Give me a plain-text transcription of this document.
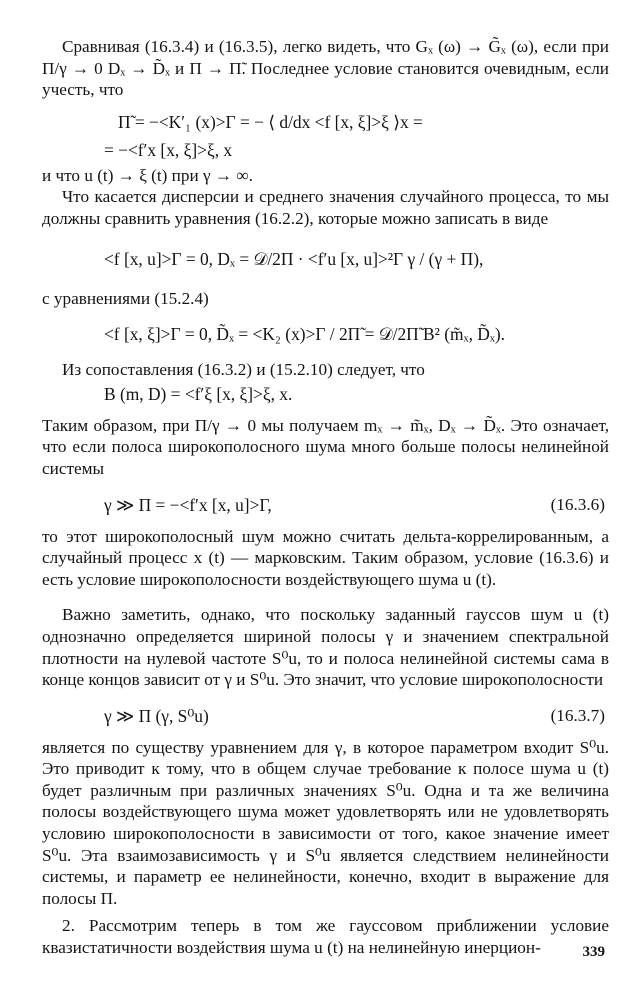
Сравнивая (16.3.4) и (16.3.5), легко видеть, что Gₓ (ω) → G̃ₓ (ω), если при Π/γ → 0 Dₓ → D̃ₓ и Π → Π̃. Последнее условие становится очевидным, если учесть, что

Π̃ = −<K′₁ (x)>Γ = − ⟨ d/dx <f [x, ξ]>ξ ⟩x =
= −<f′x [x, ξ]>ξ, x

и что u (t) → ξ (t) при γ → ∞.

Что касается дисперсии и среднего значения случайного процесса, то мы должны сравнить уравнения (16.2.2), которые можно записать в виде

<f [x, u]>Γ = 0, Dₓ = 𝒟/2Π · <f′u [x, u]>²Γ γ / (γ + Π),

с уравнениями (15.2.4)

<f [x, ξ]>Γ = 0, D̃ₓ = <K₂ (x)>Γ / 2Π̃ = 𝒟/2Π̃ B² (m̃ₓ, D̃ₓ).

Из сопоставления (16.3.2) и (15.2.10) следует, что

B (m, D) = <f′ξ [x, ξ]>ξ, x.

Таким образом, при Π/γ → 0 мы получаем mₓ → m̃ₓ, Dₓ → D̃ₓ. Это означает, что если полоса широкополосного шума много больше полосы нелинейной системы

γ ≫ Π = −<f′x [x, u]>Γ,	(16.3.6)

то этот широкополосный шум можно считать дельта-коррелированным, а случайный процесс x (t) — марковским. Таким образом, условие (16.3.6) и есть условие широкополосности воздействующего шума u (t).

Важно заметить, однако, что поскольку заданный гауссов шум u (t) однозначно определяется шириной полосы γ и значением спектральной плотности на нулевой частоте S⁰u, то и полоса нелинейной системы сама в конце концов зависит от γ и S⁰u. Это значит, что условие широкополосности

γ ≫ Π (γ, S⁰u)	(16.3.7)

является по существу уравнением для γ, в которое параметром входит S⁰u. Это приводит к тому, что в общем случае требование к полосе шума u (t) будет различным при различных значениях S⁰u. Одна и та же величина полосы воздействующего шума может удовлетворять или не удовлетворять условию широкополосности в зависимости от того, какое значение имеет S⁰u. Эта взаимозависимость γ и S⁰u является следствием нелинейности системы, и параметр ее нелинейности, конечно, входит в выражение для полосы Π.

2. Рассмотрим теперь в том же гауссовом приближении условие квазистатичности воздействия шума u (t) на нелинейную инерцион-	339
